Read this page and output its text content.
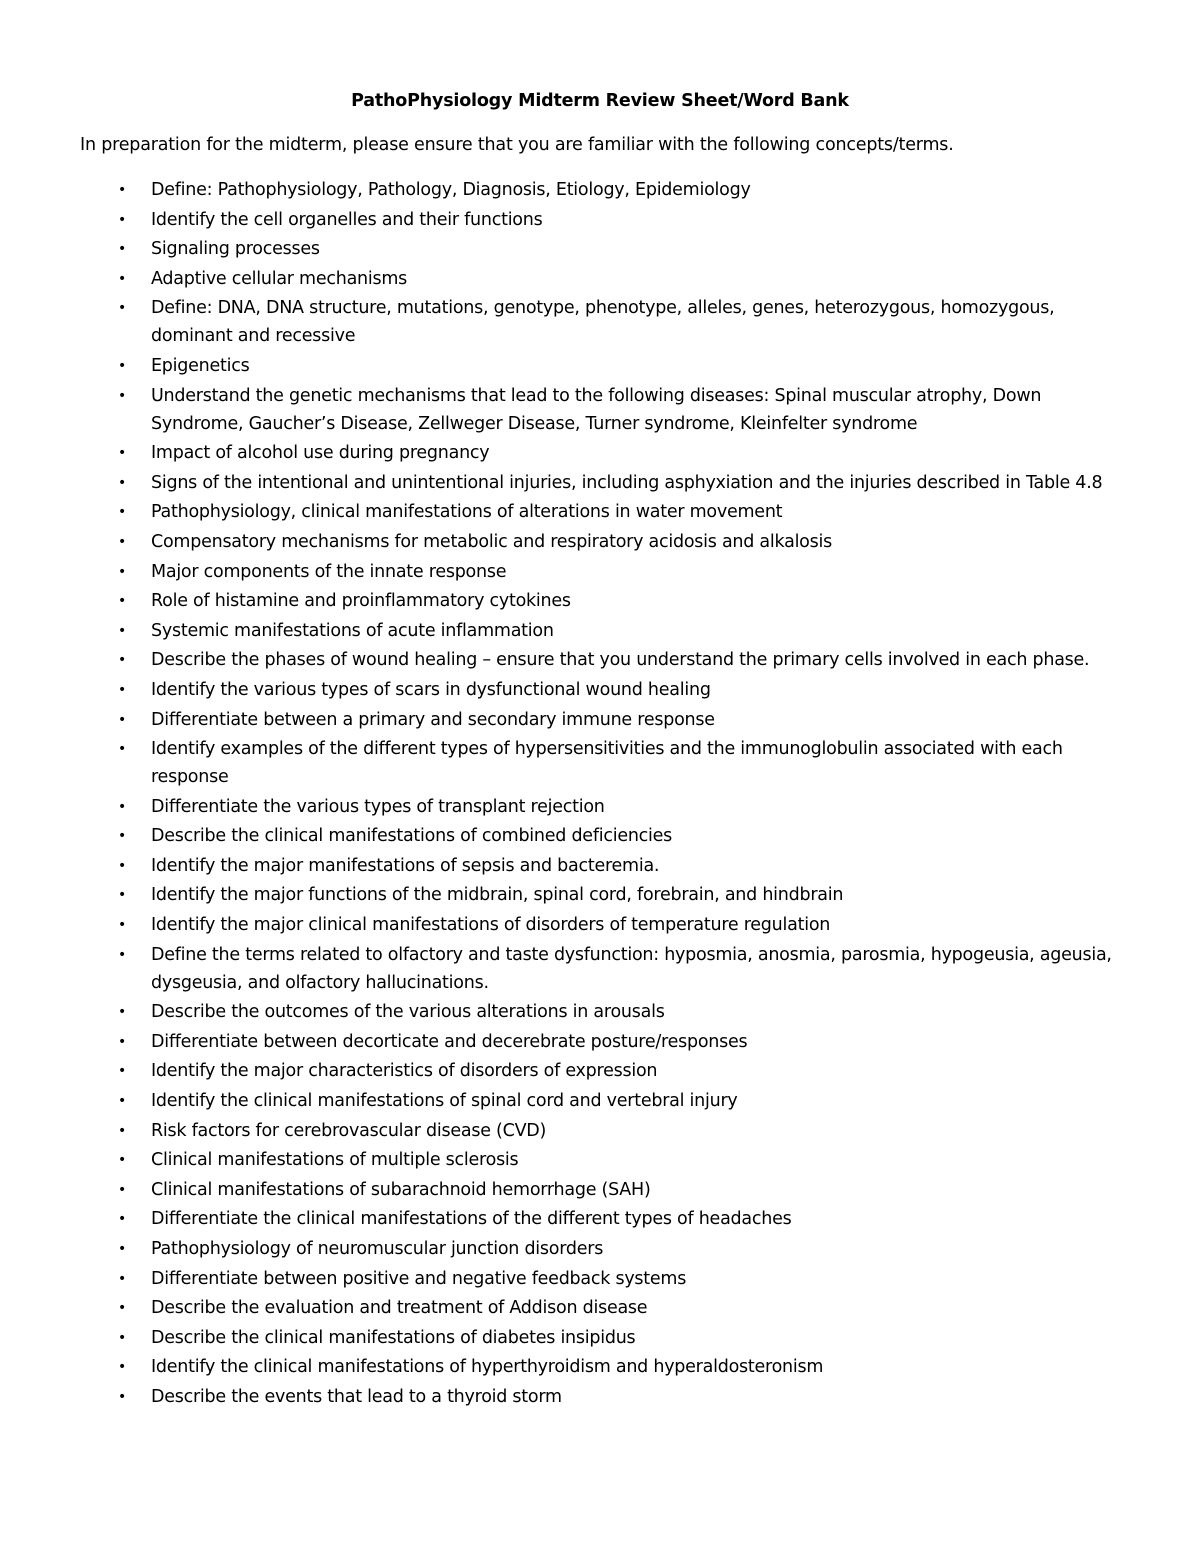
PathoPhysiology Midterm Review Sheet/Word Bank
In preparation for the midterm, please ensure that you are familiar with the following concepts/terms.
• Define: Pathophysiology, Pathology, Diagnosis, Etiology, Epidemiology
• Identify the cell organelles and their functions
• Signaling processes
• Adaptive cellular mechanisms
• Define: DNA, DNA structure, mutations, genotype, phenotype, alleles, genes, heterozygous, homozygous, dominant and recessive
• Epigenetics
• Understand the genetic mechanisms that lead to the following diseases: Spinal muscular atrophy, Down Syndrome, Gaucher’s Disease, Zellweger Disease, Turner syndrome, Kleinfelter syndrome
• Impact of alcohol use during pregnancy
• Signs of the intentional and unintentional injuries, including asphyxiation and the injuries described in Table 4.8
• Pathophysiology, clinical manifestations of alterations in water movement
• Compensatory mechanisms for metabolic and respiratory acidosis and alkalosis
• Major components of the innate response
• Role of histamine and proinflammatory cytokines
• Systemic manifestations of acute inflammation
• Describe the phases of wound healing – ensure that you understand the primary cells involved in each phase.
• Identify the various types of scars in dysfunctional wound healing
• Differentiate between a primary and secondary immune response
• Identify examples of the different types of hypersensitivities and the immunoglobulin associated with each response
• Differentiate the various types of transplant rejection
• Describe the clinical manifestations of combined deficiencies
• Identify the major manifestations of sepsis and bacteremia.
• Identify the major functions of the midbrain, spinal cord, forebrain, and hindbrain
• Identify the major clinical manifestations of disorders of temperature regulation
• Define the terms related to olfactory and taste dysfunction: hyposmia, anosmia, parosmia, hypogeusia, ageusia, dysgeusia, and olfactory hallucinations.
• Describe the outcomes of the various alterations in arousals
• Differentiate between decorticate and decerebrate posture/responses
• Identify the major characteristics of disorders of expression
• Identify the clinical manifestations of spinal cord and vertebral injury
• Risk factors for cerebrovascular disease (CVD)
• Clinical manifestations of multiple sclerosis
• Clinical manifestations of subarachnoid hemorrhage (SAH)
• Differentiate the clinical manifestations of the different types of headaches
• Pathophysiology of neuromuscular junction disorders
• Differentiate between positive and negative feedback systems
• Describe the evaluation and treatment of Addison disease
• Describe the clinical manifestations of diabetes insipidus
• Identify the clinical manifestations of hyperthyroidism and hyperaldosteronism
• Describe the events that lead to a thyroid storm
